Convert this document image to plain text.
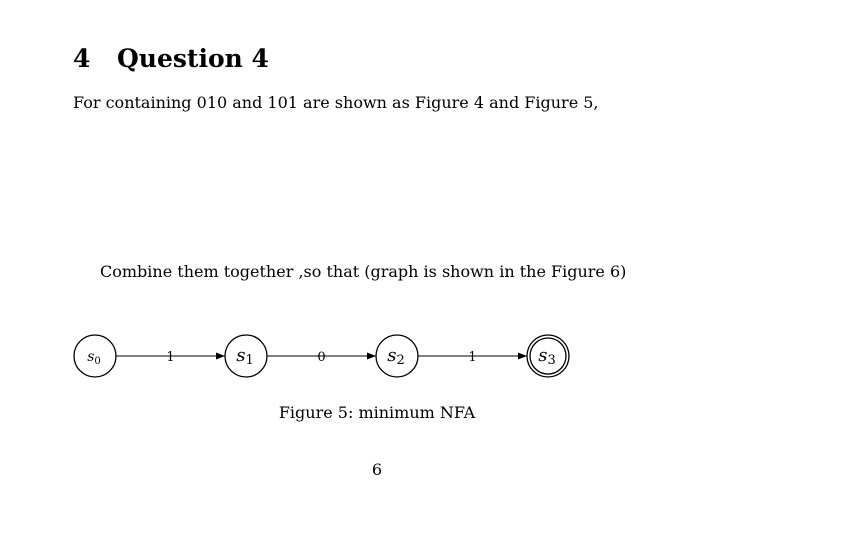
4 Question 4
For containing 010 and 101 are shown as Figure 4 and Figure 5,
Combine them together ,so that (graph is shown in the Figure 6)
1	0	1
$s_0$	s1	s2	s3
Figure 5: minimum NFA
6
